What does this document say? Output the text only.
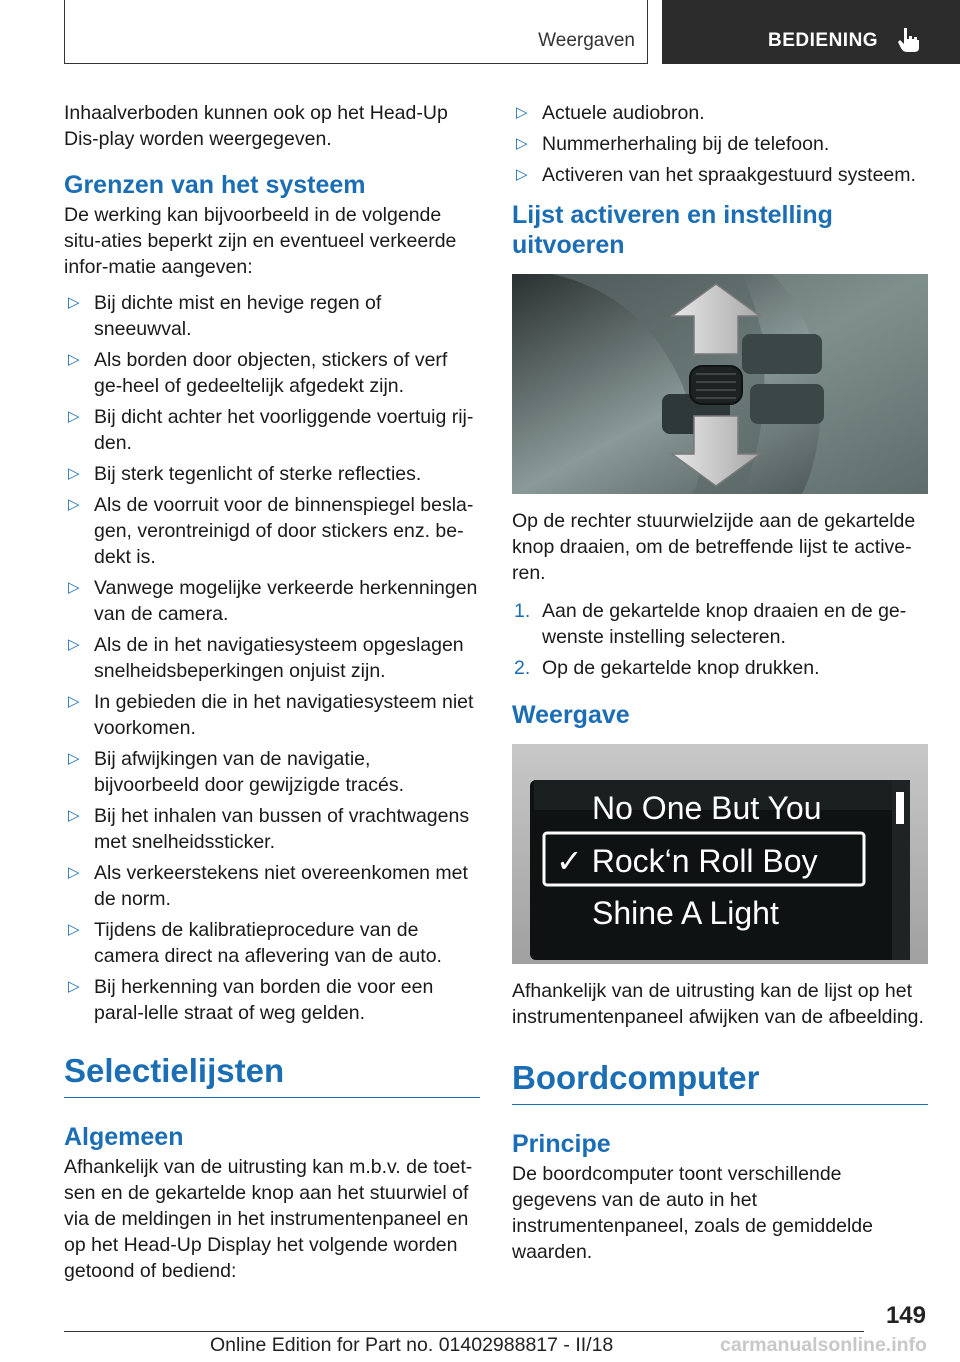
Weergaven	BEDIENING

Inhaalverboden kunnen ook op het Head-Up Dis-play worden weergegeven.

Grenzen van het systeem

De werking kan bijvoorbeeld in de volgende situ-aties beperkt zijn en eventueel verkeerde infor-matie aangeven:

▷ Bij dichte mist en hevige regen of sneeuwval.
▷ Als borden door objecten, stickers of verf ge-heel of gedeeltelijk afgedekt zijn.
▷ Bij dicht achter het voorliggende voertuig rij-den.
▷ Bij sterk tegenlicht of sterke reflecties.
▷ Als de voorruit voor de binnenspiegel besla-gen, verontreinigd of door stickers enz. be-dekt is.
▷ Vanwege mogelijke verkeerde herkenningen van de camera.
▷ Als de in het navigatiesysteem opgeslagen snelheidsbeperkingen onjuist zijn.
▷ In gebieden die in het navigatiesysteem niet voorkomen.
▷ Bij afwijkingen van de navigatie, bijvoorbeeld door gewijzigde tracés.
▷ Bij het inhalen van bussen of vrachtwagens met snelheidssticker.
▷ Als verkeerstekens niet overeenkomen met de norm.
▷ Tijdens de kalibratieprocedure van de camera direct na aflevering van de auto.
▷ Bij herkenning van borden die voor een paral-lelle straat of weg gelden.
Selectielijsten
Algemeen

Afhankelijk van de uitrusting kan m.b.v. de toet-sen en de gekartelde knop aan het stuurwiel of via de meldingen in het instrumentenpaneel en op het Head-Up Display het volgende worden getoond of bediend:

▷ Actuele audiobron.
▷ Nummerherhaling bij de telefoon.
▷ Activeren van het spraakgestuurd systeem.
Lijst activeren en instelling uitvoeren

Op de rechter stuurwielzijde aan de gekartelde knop draaien, om de betreffende lijst te active-ren.

1. Aan de gekartelde knop draaien en de ge-wenste instelling selecteren.
2. Op de gekartelde knop drukken.
Weergave
No One But You
✓ Rock‘n Roll Boy
Shine A Light

Afhankelijk van de uitrusting kan de lijst op het instrumentenpaneel afwijken van de afbeelding.

Boordcomputer
Principe

De boordcomputer toont verschillende gegevens van de auto in het instrumentenpaneel, zoals de gemiddelde waarden.

149
Online Edition for Part no. 01402988817 - II/18	carmanualsonline.info
